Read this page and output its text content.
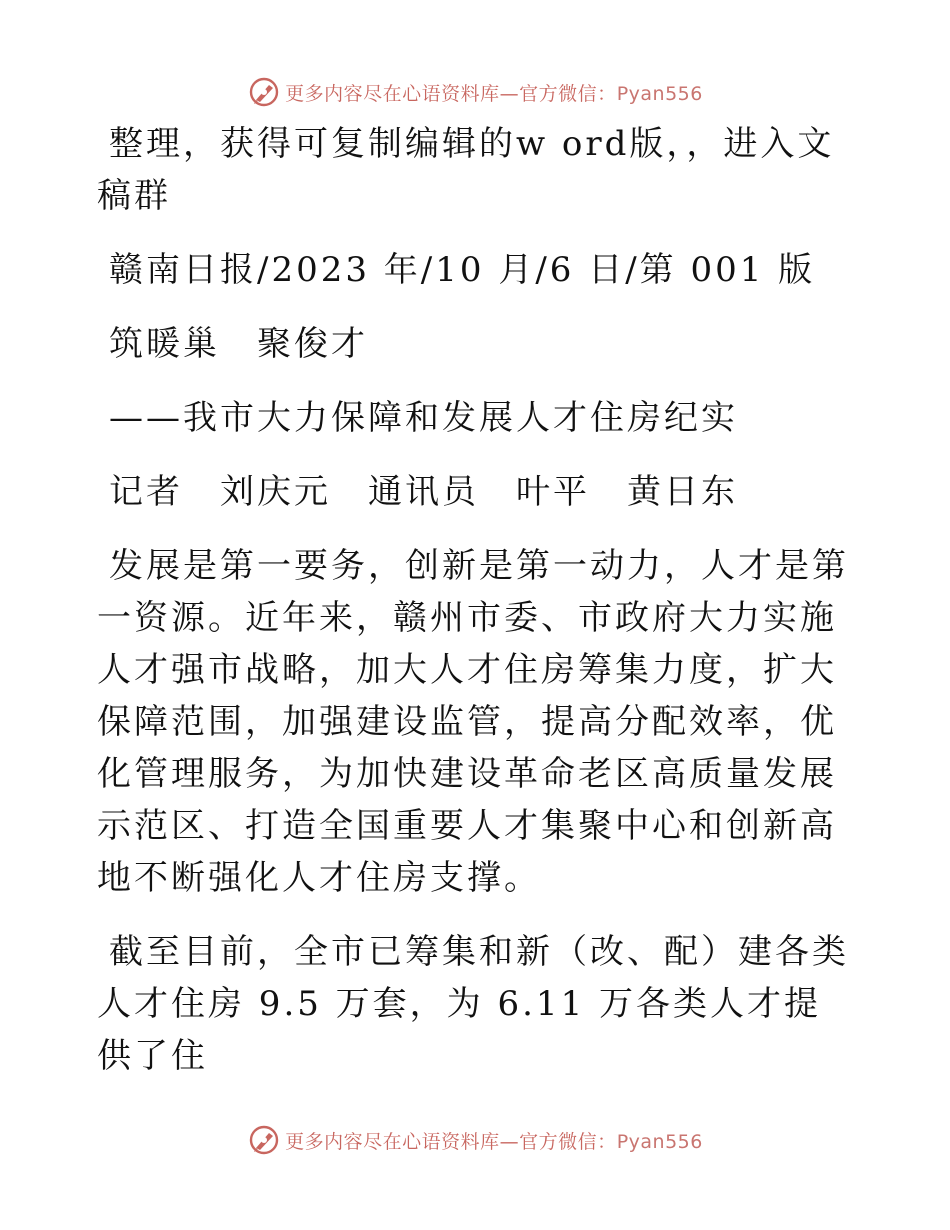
更多内容尽在心语资料库—官方微信：Pyan556

整理，获得可复制编辑的w ord版，，进入文稿群

赣南日报/2023 年/10 月/6 日/第 001 版

筑暖巢　聚俊才

——我市大力保障和发展人才住房纪实

记者　刘庆元　通讯员　叶平　黄日东

发展是第一要务，创新是第一动力，人才是第一资源。近年来，赣州市委、市政府大力实施人才强市战略，加大人才住房筹集力度，扩大保障范围，加强建设监管，提高分配效率，优化管理服务，为加快建设革命老区高质量发展示范区、打造全国重要人才集聚中心和创新高地不断强化人才住房支撑。

截至目前，全市已筹集和新（改、配）建各类人才住房 9.5 万套，为 6.11 万各类人才提供了住

更多内容尽在心语资料库—官方微信：Pyan556
